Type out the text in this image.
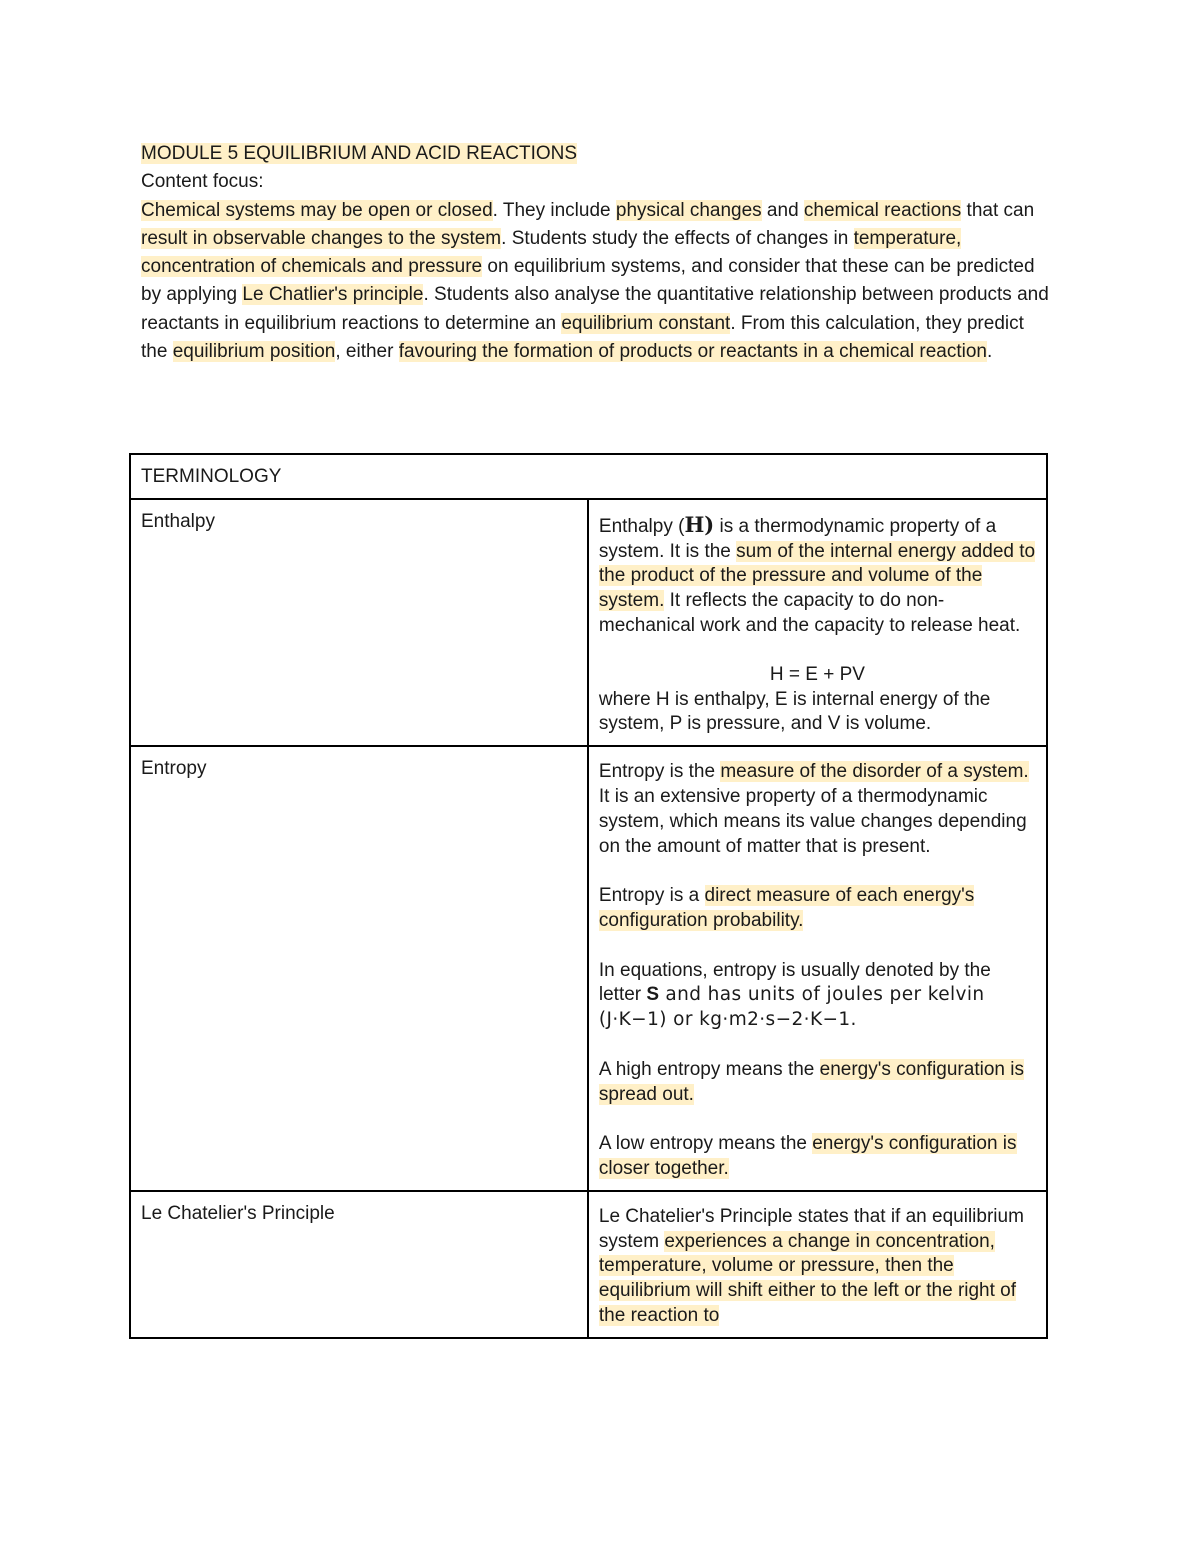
MODULE 5 EQUILIBRIUM AND ACID REACTIONS

Content focus:

Chemical systems may be open or closed. They include physical changes and chemical reactions that can result in observable changes to the system. Students study the effects of changes in temperature, concentration of chemicals and pressure on equilibrium systems, and consider that these can be predicted by applying Le Chatlier's principle. Students also analyse the quantitative relationship between products and reactants in equilibrium reactions to determine an equilibrium constant. From this calculation, they predict the equilibrium position, either favouring the formation of products or reactants in a chemical reaction.

TERMINOLOGY	
Enthalpy	Enthalpy (H) is a thermodynamic property of a system. It is the sum of the internal energy added to the product of the pressure and volume of the system. It reflects the capacity to do non-mechanical work and the capacity to release heat.
H = E + PV
where H is enthalpy, E is internal energy of the system, P is pressure, and V is volume.

Entropy	Entropy is the measure of the disorder of a system. It is an extensive property of a thermodynamic system, which means its value changes depending on the amount of matter that is present.
Entropy is a direct measure of each energy's configuration probability.
In equations, entropy is usually denoted by the letter S and has units of joules per kelvin (J⋅K−1) or kg⋅m2⋅s−2⋅K−1.
A high entropy means the energy's configuration is spread out.
A low entropy means the energy's configuration is closer together.

Le Chatelier's Principle	Le Chatelier's Principle states that if an equilibrium system experiences a change in concentration, temperature, volume or pressure, then the equilibrium will shift either to the left or the right of the reaction to
